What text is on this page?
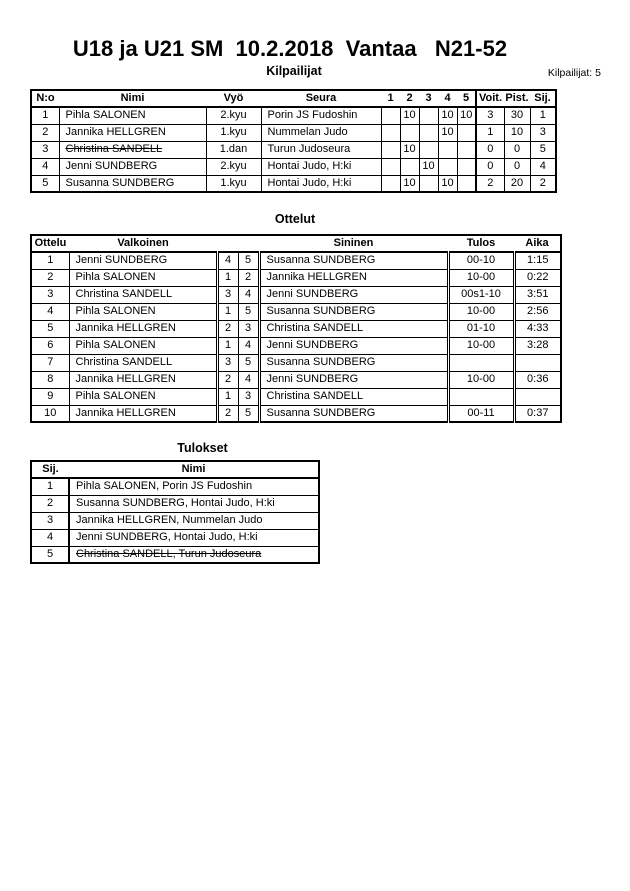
U18 ja U21 SM  10.2.2018  Vantaa   N21-52
Kilpailijat	Kilpailijat: 5
N:o	Nimi	Vyö	Seura	1	2	3	4	5	Voit.	Pist.	Sij.
1	Pihla SALONEN	2.kyu	Porin JS Fudoshin		10		10	10	3	30	1
2	Jannika HELLGREN	1.kyu	Nummelan Judo				10		1	10	3
3	Christina SANDELL	1.dan	Turun Judoseura		10				0	0	5
4	Jenni SUNDBERG	2.kyu	Hontai Judo, H:ki			10			0	0	4
5	Susanna SUNDBERG	1.kyu	Hontai Judo, H:ki		10		10		2	20	2
Ottelut
Ottelu	Valkoinen			Sininen	Tulos	Aika
1	Jenni SUNDBERG	4	5	Susanna SUNDBERG	00-10	1:15
2	Pihla SALONEN	1	2	Jannika HELLGREN	10-00	0:22
3	Christina SANDELL	3	4	Jenni SUNDBERG	00s1-10	3:51
4	Pihla SALONEN	1	5	Susanna SUNDBERG	10-00	2:56
5	Jannika HELLGREN	2	3	Christina SANDELL	01-10	4:33
6	Pihla SALONEN	1	4	Jenni SUNDBERG	10-00	3:28
7	Christina SANDELL	3	5	Susanna SUNDBERG		
8	Jannika HELLGREN	2	4	Jenni SUNDBERG	10-00	0:36
9	Pihla SALONEN	1	3	Christina SANDELL		
10	Jannika HELLGREN	2	5	Susanna SUNDBERG	00-11	0:37
Tulokset
Sij.	Nimi
1	Pihla SALONEN, Porin JS Fudoshin
2	Susanna SUNDBERG, Hontai Judo, H:ki
3	Jannika HELLGREN, Nummelan Judo
4	Jenni SUNDBERG, Hontai Judo, H:ki
5	Christina SANDELL, Turun Judoseura
